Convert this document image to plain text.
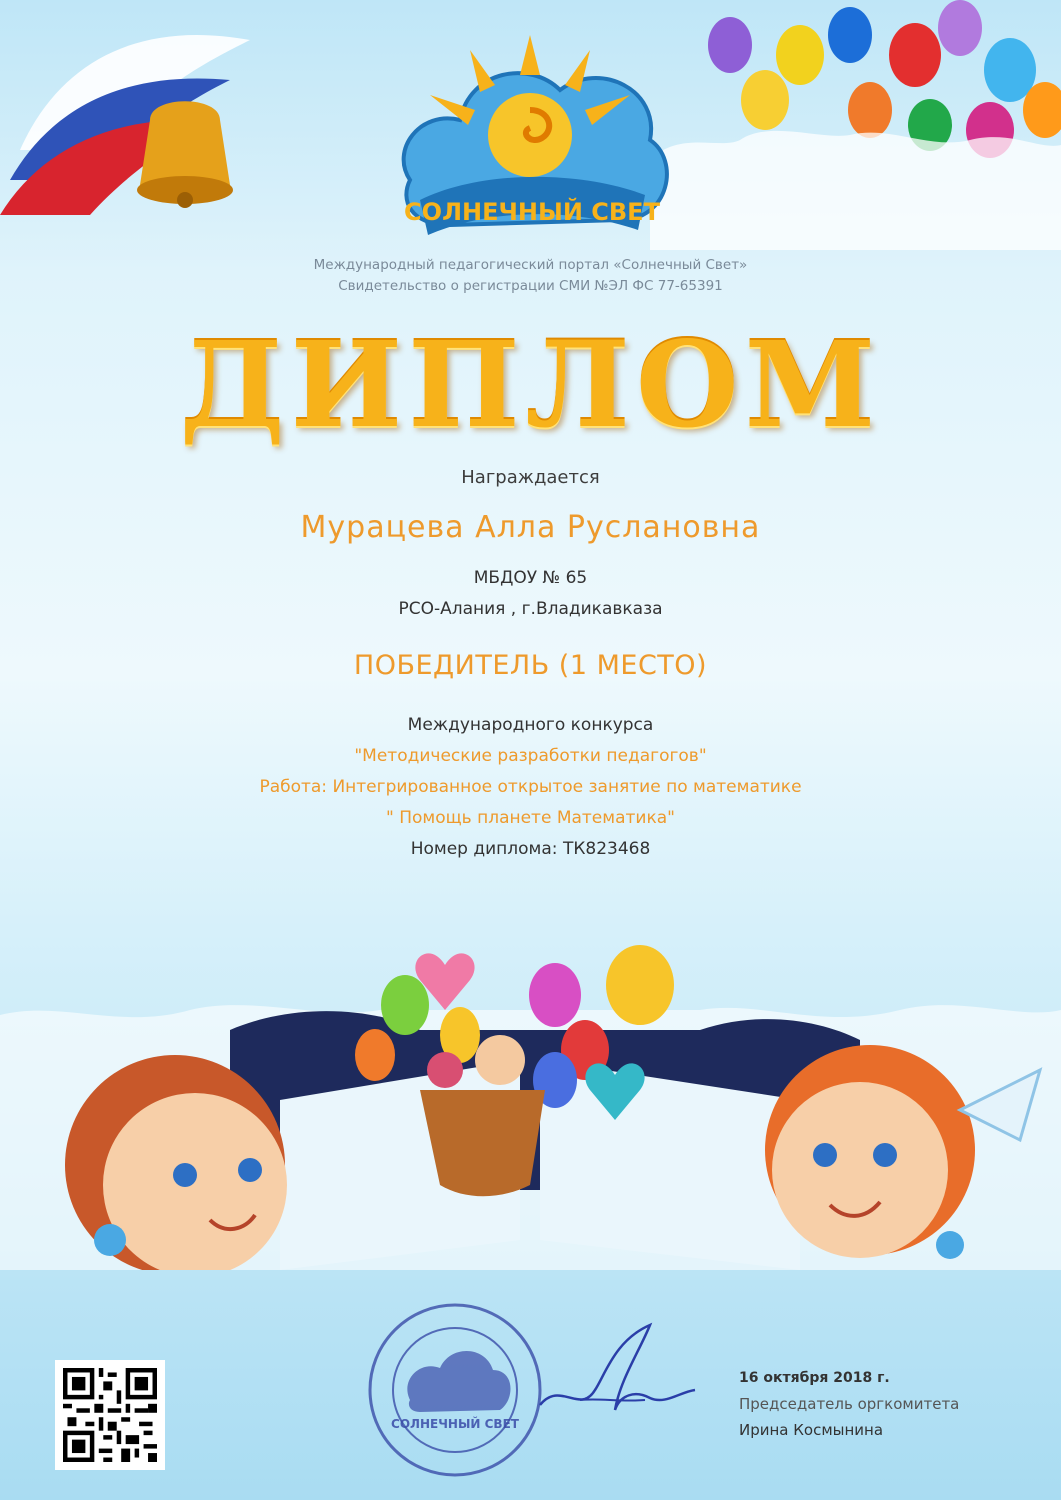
СОЛНЕЧНЫЙ СВЕТ
Международный педагогический портал «Солнечный Свет»
Свидетельство о регистрации СМИ №ЭЛ ФС 77-65391
ДИПЛОМ
Награждается
Мурацева Алла Руслановна
МБДОУ № 65
РСО-Алания , г.Владикавказа
ПОБЕДИТЕЛЬ (1 МЕСТО)
Международного конкурса
"Методические разработки педагогов"
Работа: Интегрированное открытое занятие по математике
" Помощь планете Математика"
Номер диплома: ТК823468
СОЛНЕЧНЫЙ СВЕТ
16 октября 2018 г.
Председатель оргкомитета
Ирина Космынина
